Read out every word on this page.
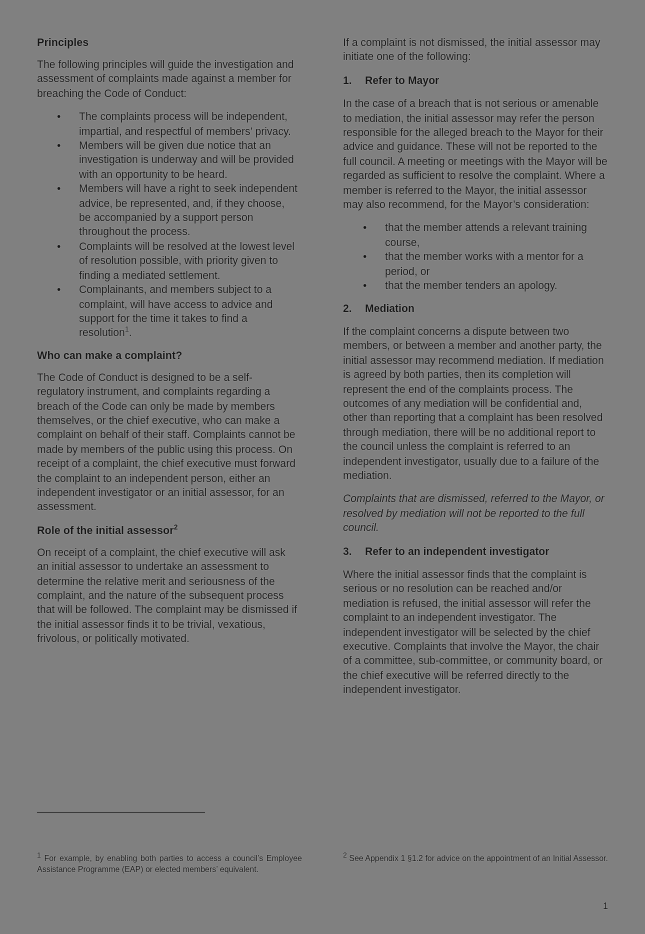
Principles

The following principles will guide the investigation and assessment of complaints made against a member for breaching the Code of Conduct:

• The complaints process will be independent, impartial, and respectful of members’ privacy.
• Members will be given due notice that an investigation is underway and will be provided with an opportunity to be heard.
• Members will have a right to seek independent advice, be represented, and, if they choose, be accompanied by a support person throughout the process.
• Complaints will be resolved at the lowest level of resolution possible, with priority given to finding a mediated settlement.
• Complainants, and members subject to a complaint, will have access to advice and support for the time it takes to find a resolution$^1$.
Who can make a complaint?

The Code of Conduct is designed to be a self-regulatory instrument, and complaints regarding a breach of the Code can only be made by members themselves, or the chief executive, who can make a complaint on behalf of their staff. Complaints cannot be made by members of the public using this process. On receipt of a complaint, the chief executive must forward the complaint to an independent person, either an independent investigator or an initial assessor, for an assessment.

Role of the initial assessor$^2$

On receipt of a complaint, the chief executive will ask an initial assessor to undertake an assessment to determine the relative merit and seriousness of the complaint, and the nature of the subsequent process that will be followed. The complaint may be dismissed if the initial assessor finds it to be trivial, vexatious, frivolous, or politically motivated.

If a complaint is not dismissed, the initial assessor may initiate one of the following:

1.	Refer to Mayor

In the case of a breach that is not serious or amenable to mediation, the initial assessor may refer the person responsible for the alleged breach to the Mayor for their advice and guidance. These will not be reported to the full council. A meeting or meetings with the Mayor will be regarded as sufficient to resolve the complaint. Where a member is referred to the Mayor, the initial assessor may also recommend, for the Mayor’s consideration:

• that the member attends a relevant training course,
• that the member works with a mentor for a period, or
• that the member tenders an apology.
2.	Mediation

If the complaint concerns a dispute between two members, or between a member and another party, the initial assessor may recommend mediation. If mediation is agreed by both parties, then its completion will represent the end of the complaints process. The outcomes of any mediation will be confidential and, other than reporting that a complaint has been resolved through mediation, there will be no additional report to the council unless the complaint is referred to an independent investigator, usually due to a failure of the mediation.

Complaints that are dismissed, referred to the Mayor, or resolved by mediation will not be reported to the full council.

3.	Refer to an independent investigator

Where the initial assessor finds that the complaint is serious or no resolution can be reached and/or mediation is refused, the initial assessor will refer the complaint to an independent investigator. The independent investigator will be selected by the chief executive. Complaints that involve the Mayor, the chair of a committee, sub-committee, or community board, or the chief executive will be referred directly to the independent investigator.

$^1$ For example, by enabling both parties to access a council’s Employee Assistance Programme (EAP) or elected members’ equivalent.
$^2$ See Appendix 1 §1.2 for advice on the appointment of an Initial Assessor.
1
